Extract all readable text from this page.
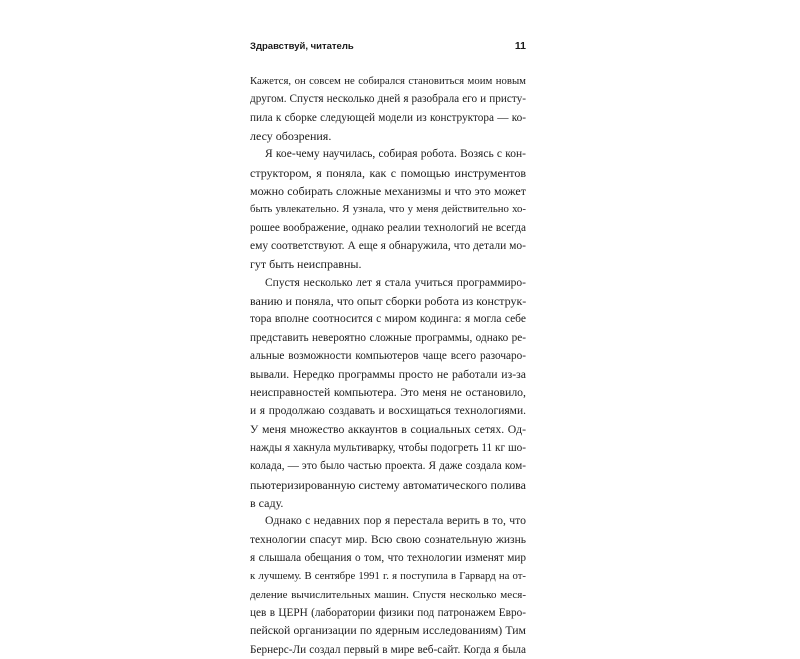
Здравствуй, читатель	11
Кажется, он совсем не собирался становиться моим новым
другом. Спустя несколько дней я разобрала его и присту-
пила к сборке следующей модели из конструктора — ко-
лесу обозрения.
Я кое-чему научилась, собирая робота. Возясь с кон-
структором, я поняла, как с помощью инструментов
можно собирать сложные механизмы и что это может
быть увлекательно. Я узнала, что у меня действительно хо-
рошее воображение, однако реалии технологий не всегда
ему соответствуют. А еще я обнаружила, что детали мо-
гут быть неисправны.
Спустя несколько лет я стала учиться программиро-
ванию и поняла, что опыт сборки робота из конструк-
тора вполне соотносится с миром кодинга: я могла себе
представить невероятно сложные программы, однако ре-
альные возможности компьютеров чаще всего разочаро-
вывали. Нередко программы просто не работали из-за
неисправностей компьютера. Это меня не остановило,
и я продолжаю создавать и восхищаться технологиями.
У меня множество аккаунтов в социальных сетях. Од-
нажды я хакнула мультиварку, чтобы подогреть 11 кг шо-
колада, — это было частью проекта. Я даже создала ком-
пьютеризированную систему автоматического полива
в саду.
Однако с недавних пор я перестала верить в то, что
технологии спасут мир. Всю свою сознательную жизнь
я слышала обещания о том, что технологии изменят мир
к лучшему. В сентябре 1991 г. я поступила в Гарвард на от-
деление вычислительных машин. Спустя несколько меся-
цев в ЦЕРН (лаборатории физики под патронажем Евро-
пейской организации по ядерным исследованиям) Тим
Бернерс-Ли создал первый в мире веб-сайт. Когда я была
